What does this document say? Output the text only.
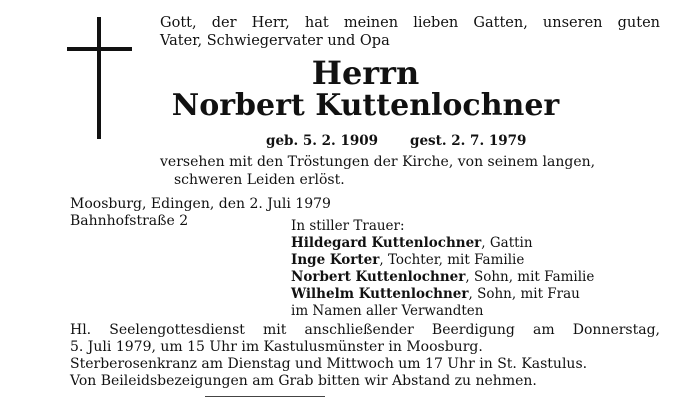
Gott, der Herr, hat meinen lieben Gatten, unseren guten
Vater, Schwiegervater und Opa
Herrn
Norbert Kuttenlochner
geb. 5. 2. 1909 gest. 2. 7. 1979
versehen mit den Tröstungen der Kirche, von seinem langen,
schweren Leiden erlöst.
Moosburg, Edingen, den 2. Juli 1979
Bahnhofstraße 2	In stiller Trauer:
Hildegard Kuttenlochner, Gattin
Inge Korter, Tochter, mit Familie
Norbert Kuttenlochner, Sohn, mit Familie
Wilhelm Kuttenlochner, Sohn, mit Frau
im Namen aller Verwandten
Hl. Seelengottesdienst mit anschließender Beerdigung am Donnerstag,
5. Juli 1979, um 15 Uhr im Kastulusmünster in Moosburg.
Sterberosenkranz am Dienstag und Mittwoch um 17 Uhr in St. Kastulus.
Von Beileidsbezeigungen am Grab bitten wir Abstand zu nehmen.
